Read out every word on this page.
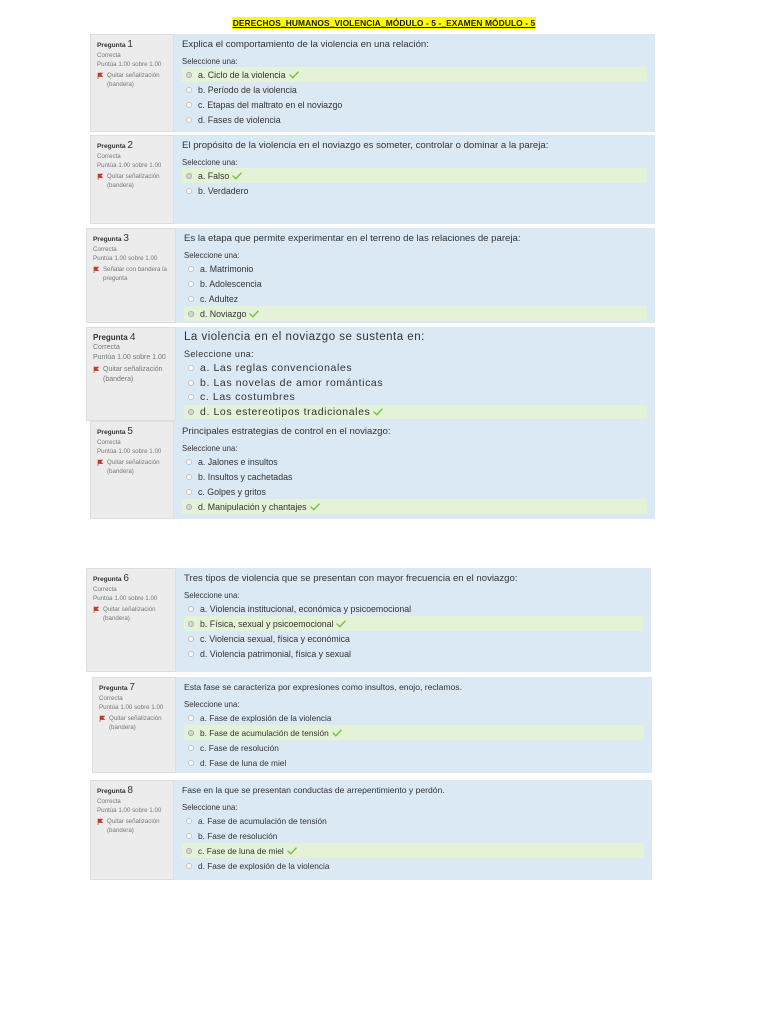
DERECHOS_HUMANOS_VIOLENCIA_MÓDULO - 5 -_EXAMEN MÓDULO - 5
Pregunta 1
Correcta
Puntúa 1.00 sobre 1.00
Quitar señalización (bandera)
Explica el comportamiento de la violencia en una relación:
Seleccione una:
a. Ciclo de la violencia
b. Período de la violencia
c. Etapas del maltrato en el noviazgo
d. Fases de violencia
Pregunta 2
Correcta
Puntúa 1.00 sobre 1.00
Quitar señalización (bandera)
El propósito de la violencia en el noviazgo es someter, controlar o dominar a la pareja:
Seleccione una:
a. Falso
b. Verdadero
Pregunta 3
Correcta
Puntúa 1.00 sobre 1.00
Señalar con bandera la pregunta
Es la etapa que permite experimentar en el terreno de las relaciones de pareja:
Seleccione una:
a. Matrimonio
b. Adolescencia
c. Adultez
d. Noviazgo
Pregunta 4
Correcta
Puntúa 1.00 sobre 1.00
Quitar señalización (bandera)
La violencia en el noviazgo se sustenta en:
Seleccione una:
a. Las reglas convencionales
b. Las novelas de amor románticas
c. Las costumbres
d. Los estereotipos tradicionales
Pregunta 5
Correcta
Puntúa 1.00 sobre 1.00
Quitar señalización (bandera)
Principales estrategias de control en el noviazgo:
Seleccione una:
a. Jalones e insultos
b. Insultos y cachetadas
c. Golpes y gritos
d. Manipulación y chantajes
Pregunta 6
Correcta
Puntúa 1.00 sobre 1.00
Quitar señalización (bandera)
Tres tipos de violencia que se presentan con mayor frecuencia en el noviazgo:
Seleccione una:
a. Violencia institucional, económica y psicoemocional
b. Física, sexual y psicoemocional
c. Violencia sexual, física y económica
d. Violencia patrimonial, física y sexual
Pregunta 7
Correcta
Puntúa 1.00 sobre 1.00
Quitar señalización (bandera)
Esta fase se caracteriza por expresiones como insultos, enojo, reclamos.
Seleccione una:
a. Fase de explosión de la violencia
b. Fase de acumulación de tensión
c. Fase de resolución
d. Fase de luna de miel
Pregunta 8
Correcta
Puntúa 1.00 sobre 1.00
Quitar señalización (bandera)
Fase en la que se presentan conductas de arrepentimiento y perdón.
Seleccione una:
a. Fase de acumulación de tensión
b. Fase de resolución
c. Fase de luna de miel
d. Fase de explosión de la violencia
